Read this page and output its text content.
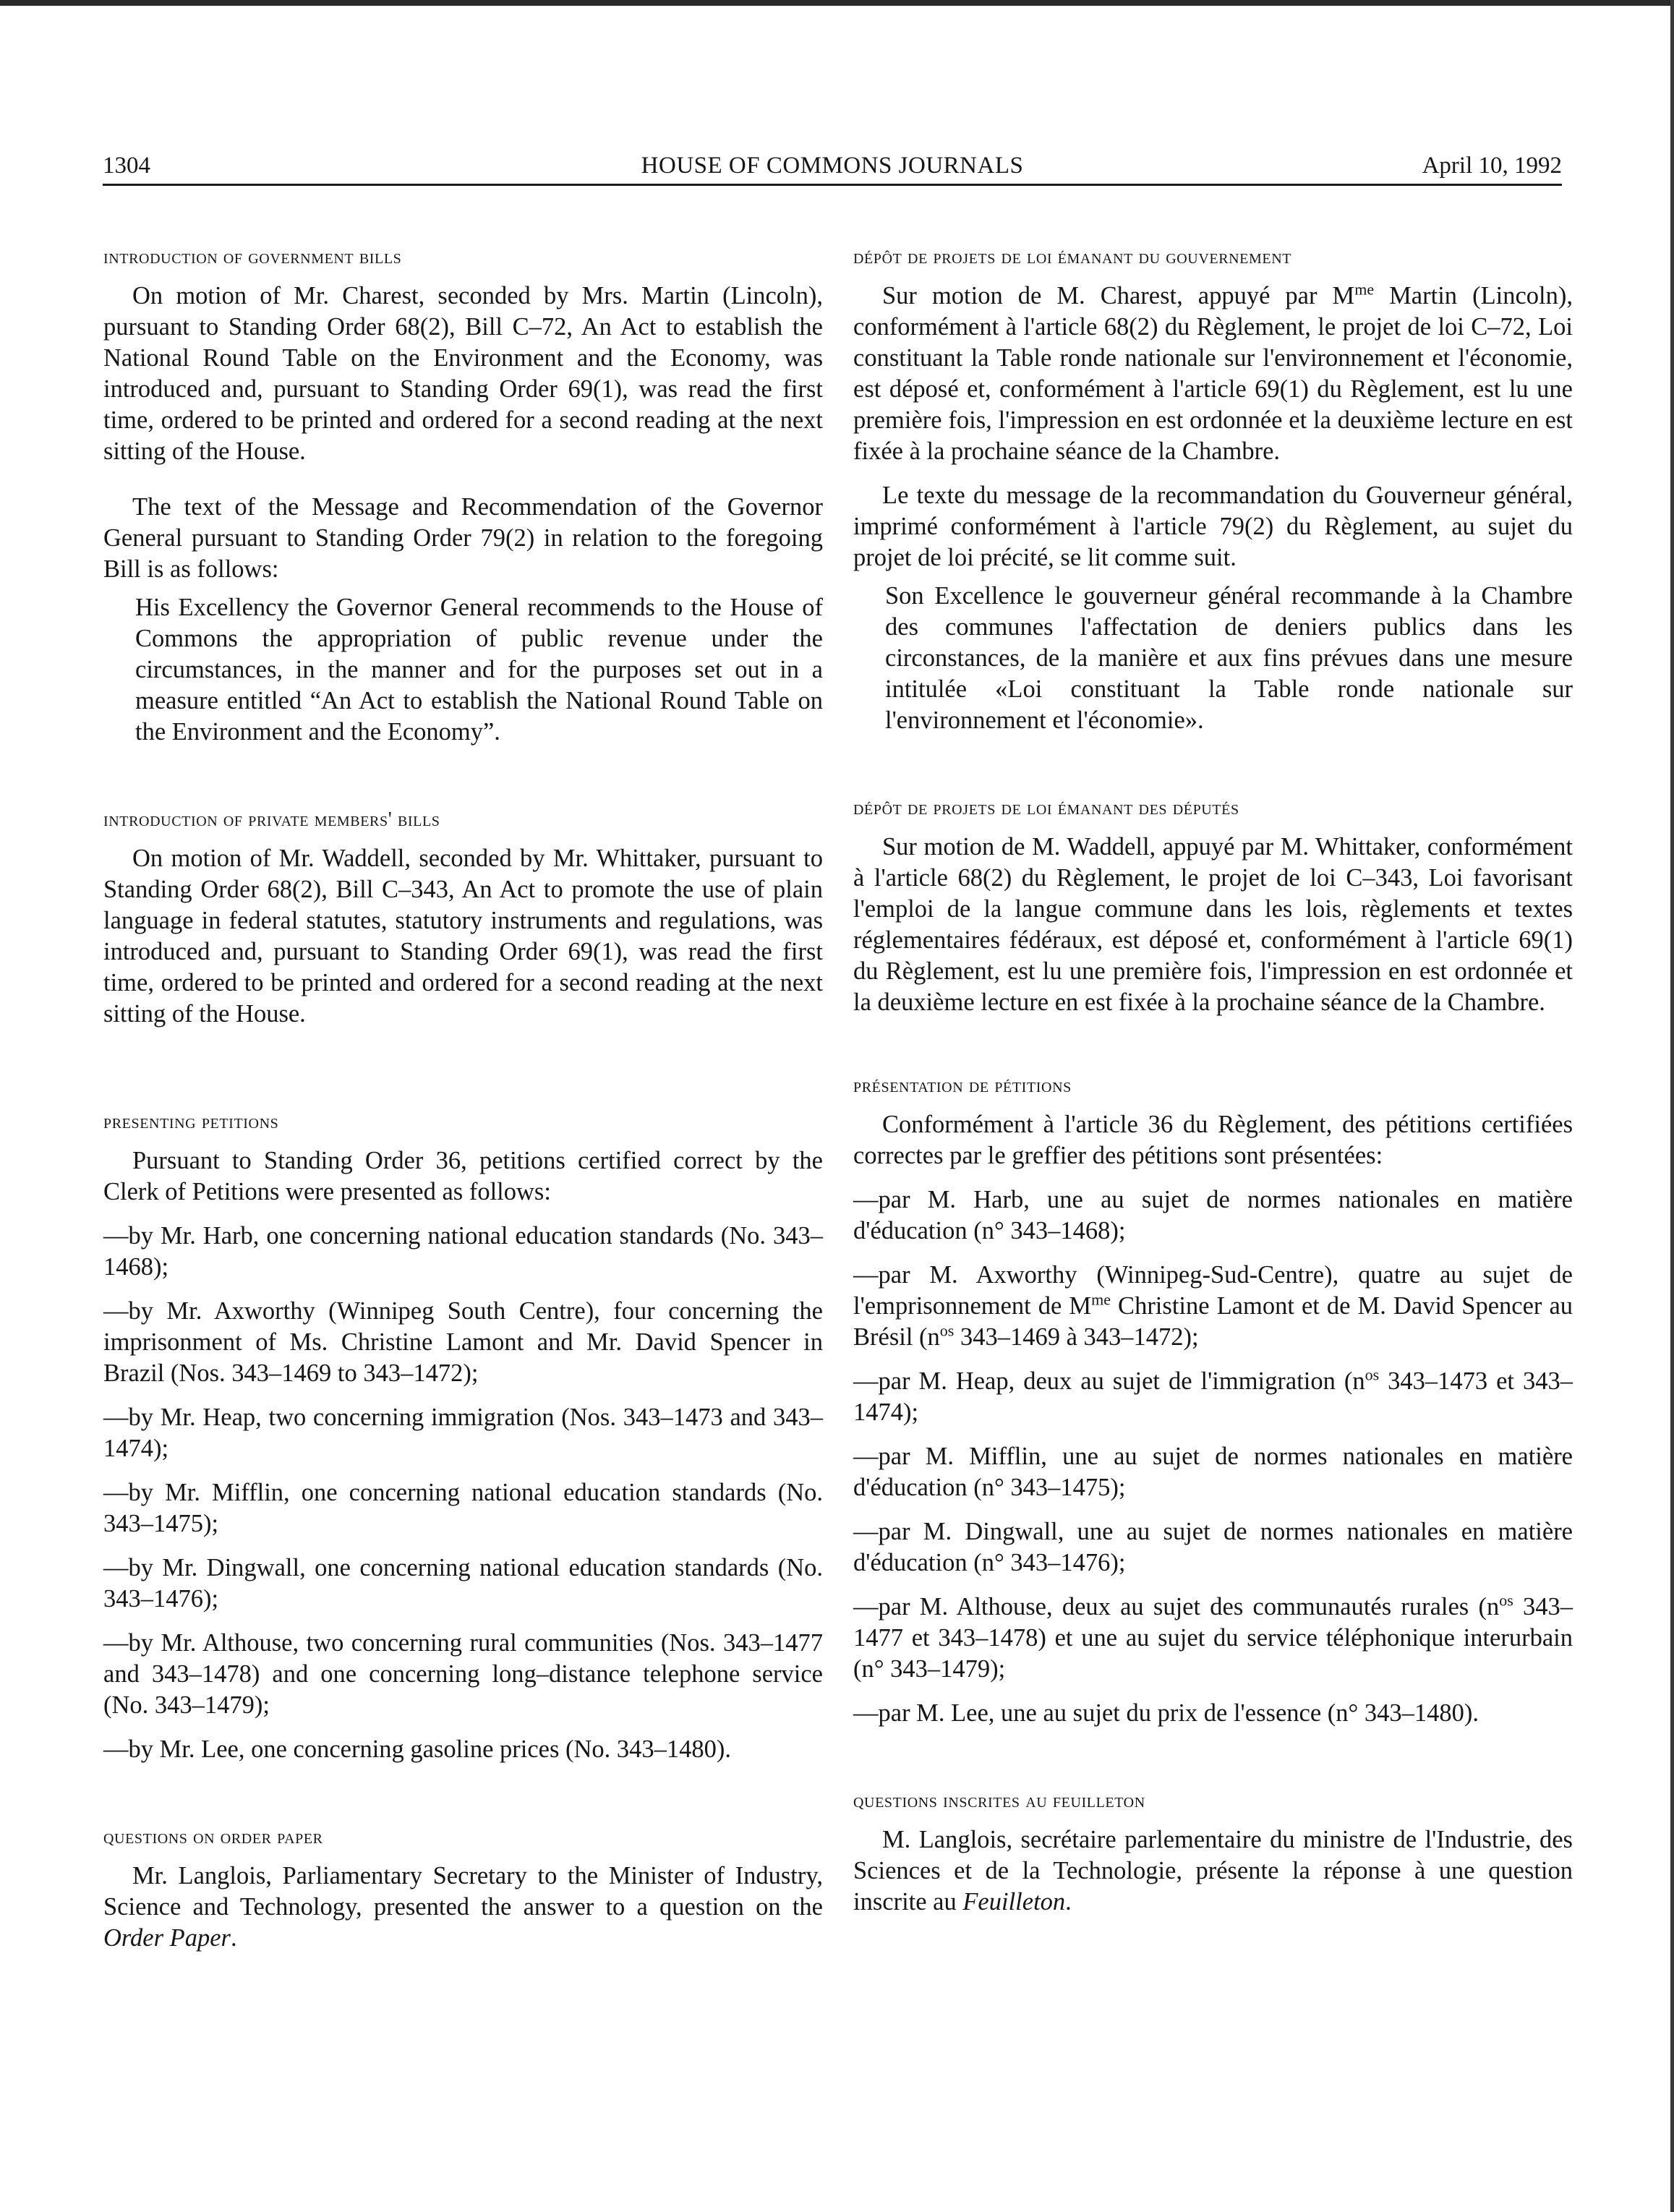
1304	HOUSE OF COMMONS JOURNALS	April 10, 1992
introduction of government bills

On motion of Mr. Charest, seconded by Mrs. Martin (Lincoln), pursuant to Standing Order 68(2), Bill C–72, An Act to establish the National Round Table on the Environment and the Economy, was introduced and, pursuant to Standing Order 69(1), was read the first time, ordered to be printed and ordered for a second reading at the next sitting of the House.

The text of the Message and Recommendation of the Governor General pursuant to Standing Order 79(2) in relation to the foregoing Bill is as follows:

His Excellency the Governor General recommends to the House of Commons the appropriation of public revenue under the circumstances, in the manner and for the purposes set out in a measure entitled “An Act to establish the National Round Table on the Environment and the Economy”.

introduction of private members' bills

On motion of Mr. Waddell, seconded by Mr. Whittaker, pursuant to Standing Order 68(2), Bill C–343, An Act to promote the use of plain language in federal statutes, statutory instruments and regulations, was introduced and, pursuant to Standing Order 69(1), was read the first time, ordered to be printed and ordered for a second reading at the next sitting of the House.

presenting petitions

Pursuant to Standing Order 36, petitions certified correct by the Clerk of Petitions were presented as follows:

—by Mr. Harb, one concerning national education standards (No. 343–1468);

—by Mr. Axworthy (Winnipeg South Centre), four concerning the imprisonment of Ms. Christine Lamont and Mr. David Spencer in Brazil (Nos. 343–1469 to 343–1472);

—by Mr. Heap, two concerning immigration (Nos. 343–1473 and 343–1474);

—by Mr. Mifflin, one concerning national education standards (No. 343–1475);

—by Mr. Dingwall, one concerning national education standards (No. 343–1476);

—by Mr. Althouse, two concerning rural communities (Nos. 343–1477 and 343–1478) and one concerning long–distance telephone service (No. 343–1479);

—by Mr. Lee, one concerning gasoline prices (No. 343–1480).

questions on order paper

Mr. Langlois, Parliamentary Secretary to the Minister of Industry, Science and Technology, presented the answer to a question on the Order Paper.

dépôt de projets de loi émanant du gouvernement

Sur motion de M. Charest, appuyé par $M^{me}$ Martin (Lincoln), conformément à l'article 68(2) du Règlement, le projet de loi C–72, Loi constituant la Table ronde nationale sur l'environnement et l'économie, est déposé et, conformément à l'article 69(1) du Règlement, est lu une première fois, l'impression en est ordonnée et la deuxième lecture en est fixée à la prochaine séance de la Chambre.

Le texte du message de la recommandation du Gouverneur général, imprimé conformément à l'article 79(2) du Règlement, au sujet du projet de loi précité, se lit comme suit.

Son Excellence le gouverneur général recommande à la Chambre des communes l'affectation de deniers publics dans les circonstances, de la manière et aux fins prévues dans une mesure intitulée «Loi constituant la Table ronde nationale sur l'environnement et l'économie».

dépôt de projets de loi émanant des députés

Sur motion de M. Waddell, appuyé par M. Whittaker, conformément à l'article 68(2) du Règlement, le projet de loi C–343, Loi favorisant l'emploi de la langue commune dans les lois, règlements et textes réglementaires fédéraux, est déposé et, conformément à l'article 69(1) du Règlement, est lu une première fois, l'impression en est ordonnée et la deuxième lecture en est fixée à la prochaine séance de la Chambre.

présentation de pétitions

Conformément à l'article 36 du Règlement, des pétitions certifiées correctes par le greffier des pétitions sont présentées:

—par M. Harb, une au sujet de normes nationales en matière d'éducation (n° 343–1468);

—par M. Axworthy (Winnipeg-Sud-Centre), quatre au sujet de l'emprisonnement de $M^{me}$ Christine Lamont et de M. David Spencer au Brésil ($n^{os}$ 343–1469 à 343–1472);

—par M. Heap, deux au sujet de l'immigration ($n^{os}$ 343–1473 et 343–1474);

—par M. Mifflin, une au sujet de normes nationales en matière d'éducation (n° 343–1475);

—par M. Dingwall, une au sujet de normes nationales en matière d'éducation (n° 343–1476);

—par M. Althouse, deux au sujet des communautés rurales ($n^{os}$ 343–1477 et 343–1478) et une au sujet du service téléphonique interurbain (n° 343–1479);

—par M. Lee, une au sujet du prix de l'essence (n° 343–1480).

questions inscrites au feuilleton

M. Langlois, secrétaire parlementaire du ministre de l'Industrie, des Sciences et de la Technologie, présente la réponse à une question inscrite au Feuilleton.
